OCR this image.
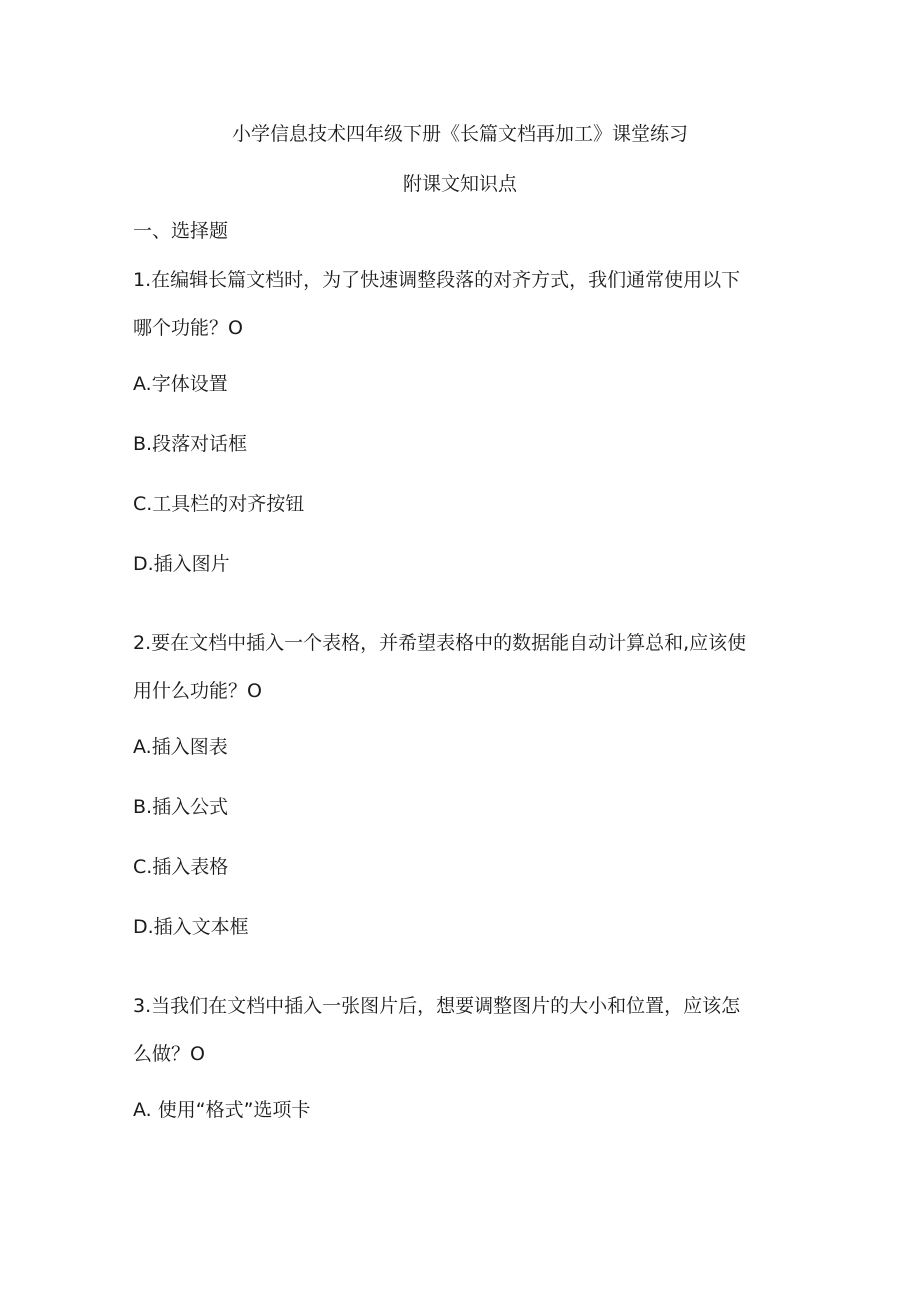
小学信息技术四年级下册《长篇文档再加工》课堂练习
附课文知识点
一、选择题
1.在编辑长篇文档时，为了快速调整段落的对齐方式，我们通常使用以下
哪个功能？O
A.字体设置
B.段落对话框
C.工具栏的对齐按钮
D.插入图片
2.要在文档中插入一个表格，并希望表格中的数据能自动计算总和,应该使
用什么功能？O
A.插入图表
B.插入公式
C.插入表格
D.插入文本框
3.当我们在文档中插入一张图片后，想要调整图片的大小和位置，应该怎
么做？O
A. 使用“格式”选项卡
